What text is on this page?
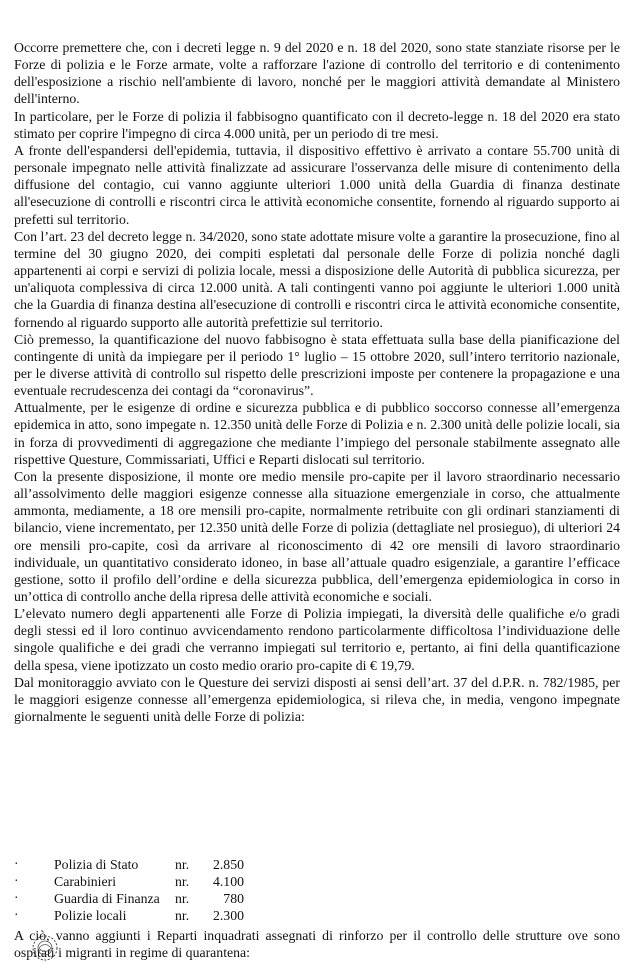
Occorre premettere che, con i decreti legge n. 9 del 2020 e n. 18 del 2020, sono state stanziate risorse per le Forze di polizia e le Forze armate, volte a rafforzare l'azione di controllo del territorio e di contenimento dell'esposizione a rischio nell'ambiente di lavoro, nonché per le maggiori attività demandate al Ministero dell'interno.

In particolare, per le Forze di polizia il fabbisogno quantificato con il decreto-legge n. 18 del 2020 era stato stimato per coprire l'impegno di circa 4.000 unità, per un periodo di tre mesi.

A fronte dell'espandersi dell'epidemia, tuttavia, il dispositivo effettivo è arrivato a contare 55.700 unità di personale impegnato nelle attività finalizzate ad assicurare l'osservanza delle misure di contenimento della diffusione del contagio, cui vanno aggiunte ulteriori 1.000 unità della Guardia di finanza destinate all'esecuzione di controlli e riscontri circa le attività economiche consentite, fornendo al riguardo supporto ai prefetti sul territorio.

Con l’art. 23 del decreto legge n. 34/2020, sono state adottate misure volte a garantire la prosecuzione, fino al termine del 30 giugno 2020, dei compiti espletati dal personale delle Forze di polizia nonché dagli appartenenti ai corpi e servizi di polizia locale, messi a disposizione delle Autorità di pubblica sicurezza, per un'aliquota complessiva di circa 12.000 unità. A tali contingenti vanno poi aggiunte le ulteriori 1.000 unità che la Guardia di finanza destina all'esecuzione di controlli e riscontri circa le attività economiche consentite, fornendo al riguardo supporto alle autorità prefettizie sul territorio.

Ciò premesso, la quantificazione del nuovo fabbisogno è stata effettuata sulla base della pianificazione del contingente di unità da impiegare per il periodo 1° luglio – 15 ottobre 2020, sull’intero territorio nazionale, per le diverse attività di controllo sul rispetto delle prescrizioni imposte per contenere la propagazione e una eventuale recrudescenza dei contagi da “coronavirus”.

Attualmente, per le esigenze di ordine e sicurezza pubblica e di pubblico soccorso connesse all’emergenza epidemica in atto, sono impegate n. 12.350 unità delle Forze di Polizia e n. 2.300 unità delle polizie locali, sia in forza di provvedimenti di aggregazione che mediante l’impiego del personale stabilmente assegnato alle rispettive Questure, Commissariati, Uffici e Reparti dislocati sul territorio.

Con la presente disposizione, il monte ore medio mensile pro-capite per il lavoro straordinario necessario all’assolvimento delle maggiori esigenze connesse alla situazione emergenziale in corso, che attualmente ammonta, mediamente, a 18 ore mensili pro-capite, normalmente retribuite con gli ordinari stanziamenti di bilancio, viene incrementato, per 12.350 unità delle Forze di polizia (dettagliate nel prosieguo), di ulteriori 24 ore mensili pro-capite, così da arrivare al riconoscimento di 42 ore mensili di lavoro straordinario individuale, un quantitativo considerato idoneo, in base all’attuale quadro esigenziale, a garantire l’efficace gestione, sotto il profilo dell’ordine e della sicurezza pubblica, dell’emergenza epidemiologica in corso in un’ottica di controllo anche della ripresa delle attività economiche e sociali.

L’elevato numero degli appartenenti alle Forze di Polizia impiegati, la diversità delle qualifiche e/o gradi degli stessi ed il loro continuo avvicendamento rendono particolarmente difficoltosa l’individuazione delle singole qualifiche e dei gradi che verranno impiegati sul territorio e, pertanto, ai fini della quantificazione della spesa, viene ipotizzato un costo medio orario pro-capite di € 19,79.

Dal monitoraggio avviato con le Questure dei servizi disposti ai sensi dell’art. 37 del d.P.R. n. 782/1985, per le maggiori esigenze connesse all’emergenza epidemiologica, si rileva che, in media, vengono impegnate giornalmente le seguenti unità delle Forze di polizia:

·	Polizia di Stato	nr.	2.850
·	Carabinieri	nr.	4.100
·	Guardia di Finanza nr.	780
·	Polizie locali	nr.	2.300

A ciò, vanno aggiunti i Reparti inquadrati assegnati di rinforzo per il controllo delle strutture ove sono ospitati i migranti in regime di quarantena:
